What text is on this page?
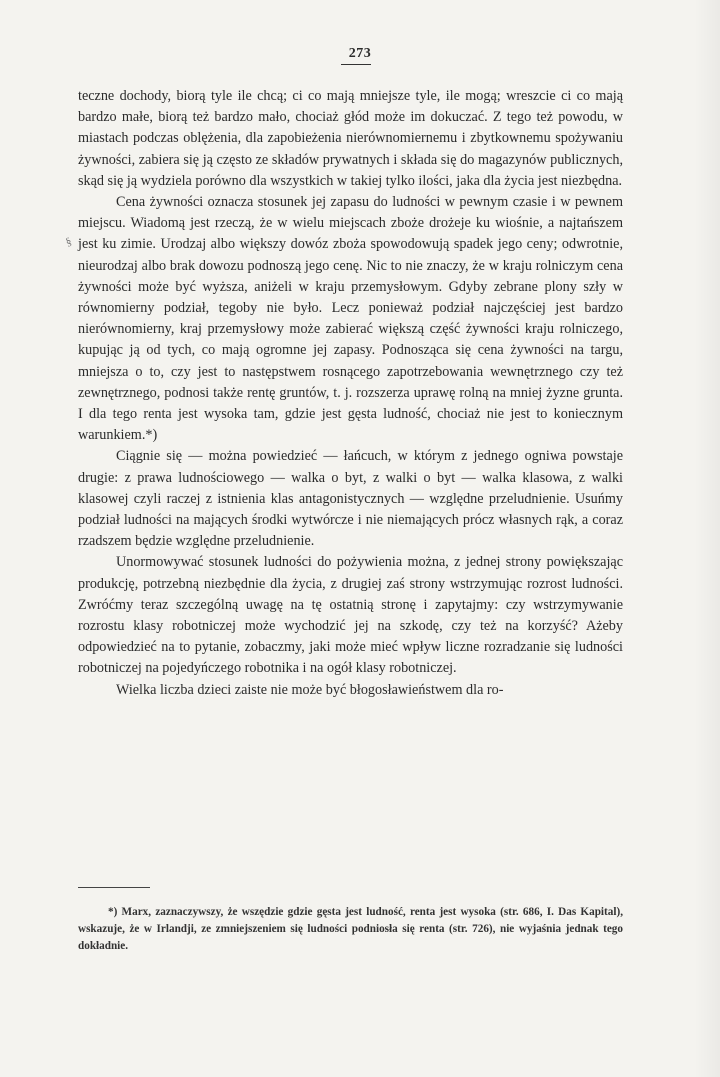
273
§

teczne dochody, biorą tyle ile chcą; ci co mają mniejsze tyle, ile mogą; wreszcie ci co mają bardzo małe, biorą też bardzo mało, chociaż głód może im dokuczać. Z tego też powodu, w miastach podczas oblężenia, dla zapobieżenia nierównomiernemu i zbytkownemu spożywaniu żywności, zabiera się ją często ze składów prywatnych i składa się do magazynów publicznych, skąd się ją wydziela porówno dla wszystkich w takiej tylko ilości, jaka dla życia jest niezbędna.

Cena żywności oznacza stosunek jej zapasu do ludności w pewnym czasie i w pewnem miejscu. Wiadomą jest rzeczą, że w wielu miejscach zboże drożeje ku wiośnie, a najtańszem jest ku zimie. Urodzaj albo większy dowóz zboża spowodowują spadek jego ceny; odwrotnie, nieurodzaj albo brak dowozu podnoszą jego cenę. Nic to nie znaczy, że w kraju rolniczym cena żywności może być wyższa, aniżeli w kraju przemysłowym. Gdyby zebrane plony szły w równomierny podział, tegoby nie było. Lecz ponieważ podział najczęściej jest bardzo nierównomierny, kraj przemysłowy może zabierać większą część żywności kraju rolniczego, kupując ją od tych, co mają ogromne jej zapasy. Podnosząca się cena żywności na targu, mniejsza o to, czy jest to następstwem rosnącego zapotrzebowania wewnętrznego czy też zewnętrznego, podnosi także rentę gruntów, t. j. rozszerza uprawę rolną na mniej żyzne grunta. I dla tego renta jest wysoka tam, gdzie jest gęsta ludność, chociaż nie jest to koniecznym warunkiem.*)

Ciągnie się — można powiedzieć — łańcuch, w którym z jednego ogniwa powstaje drugie: z prawa ludnościowego — walka o byt, z walki o byt — walka klasowa, z walki klasowej czyli raczej z istnienia klas antagonistycznych — względne przeludnienie. Usuńmy podział ludności na mających środki wytwórcze i nie niemających prócz własnych rąk, a coraz rzadszem będzie względne przeludnienie.

Unormowywać stosunek ludności do pożywienia można, z jednej strony powiększając produkcję, potrzebną niezbędnie dla życia, z drugiej zaś strony wstrzymując rozrost ludności. Zwróćmy teraz szczególną uwagę na tę ostatnią stronę i zapytajmy: czy wstrzymywanie rozrostu klasy robotniczej może wychodzić jej na szkodę, czy też na korzyść? Ażeby odpowiedzieć na to pytanie, zobaczmy, jaki może mieć wpływ liczne rozradzanie się ludności robotniczej na pojedyńczego robotnika i na ogół klasy robotniczej.

Wielka liczba dzieci zaiste nie może być błogosławieństwem dla ro-

*) Marx, zaznaczywszy, że wszędzie gdzie gęsta jest ludność, renta jest wysoka (str. 686, I. Das Kapital), wskazuje, że w Irlandji, ze zmniejszeniem się ludności podniosła się renta (str. 726), nie wyjaśnia jednak tego dokładnie.
